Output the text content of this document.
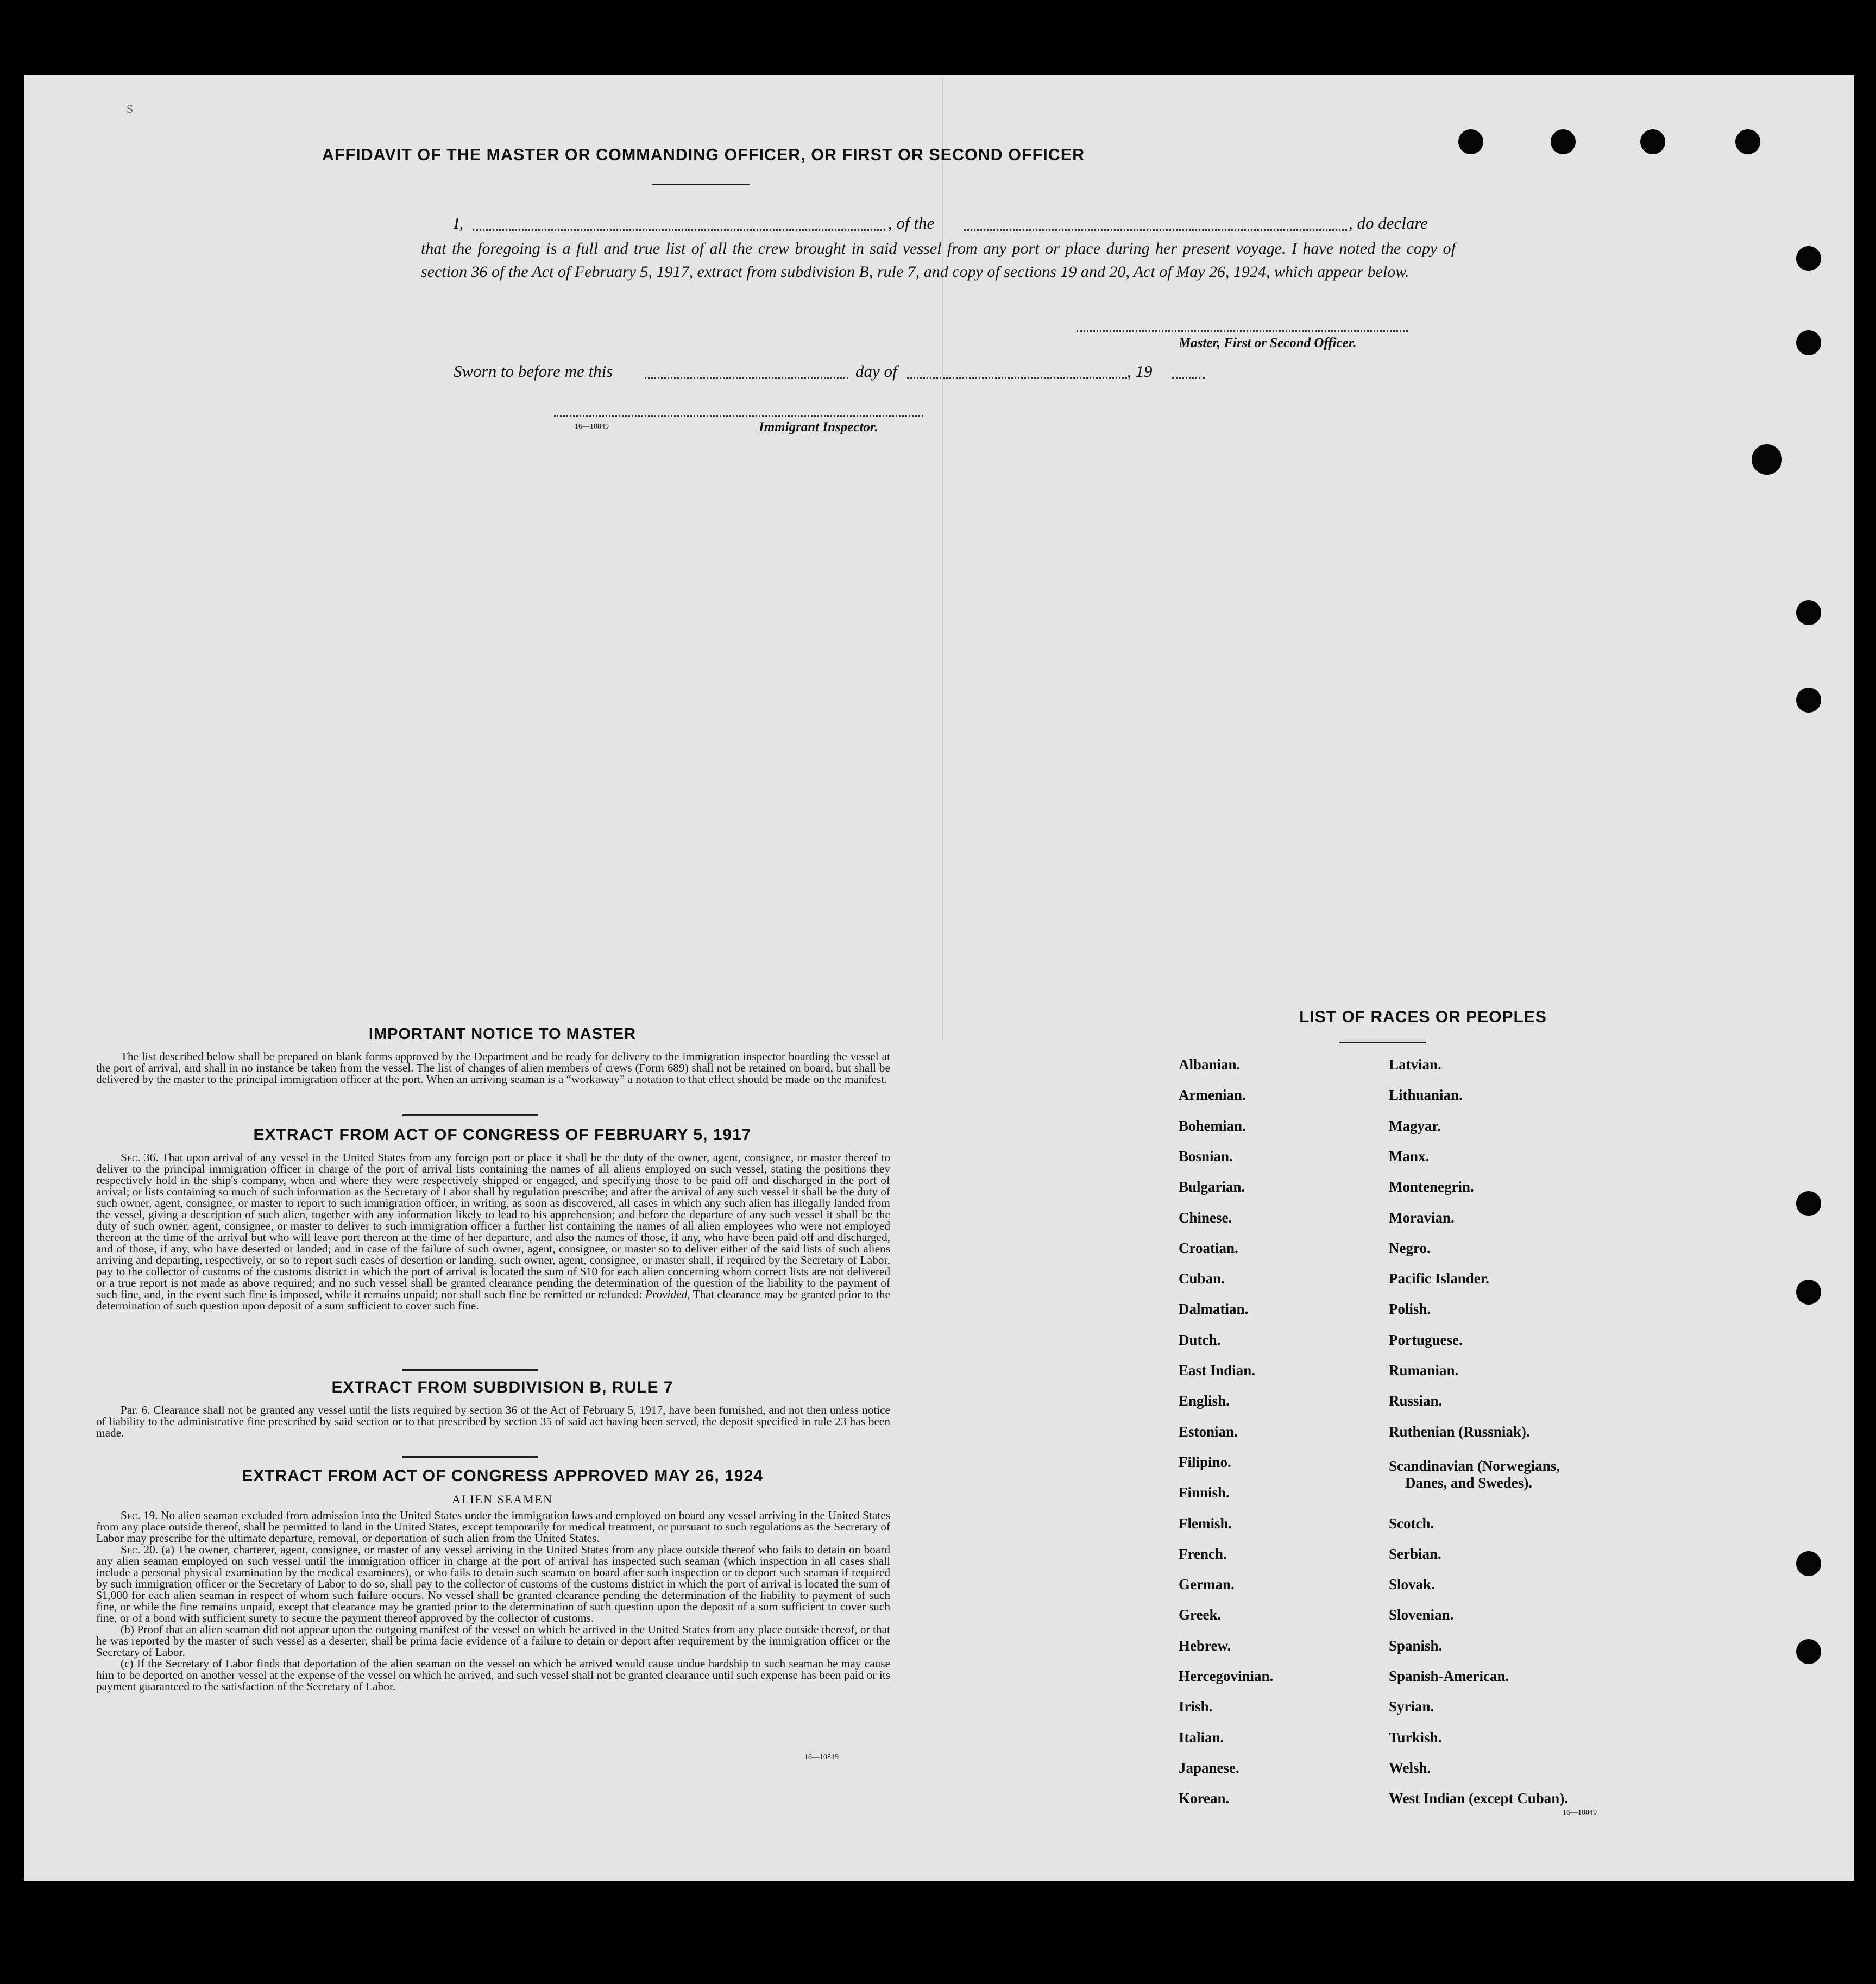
S
AFFIDAVIT OF THE MASTER OR COMMANDING OFFICER, OR FIRST OR SECOND OFFICER
I,	, of the	, do declare
that the foregoing is a full and true list of all the crew brought in said vessel from any port or place during her present voyage. I have noted the copy of section 36 of the Act of February 5, 1917, extract from subdivision B, rule 7, and copy of sections 19 and 20, Act of May 26, 1924, which appear below.
Master, First or Second Officer.
Sworn to before me this	day of	, 19
16—10849	Immigrant Inspector.
IMPORTANT NOTICE TO MASTER

The list described below shall be prepared on blank forms approved by the Department and be ready for delivery to the immigration inspector boarding the vessel at the port of arrival, and shall in no instance be taken from the vessel. The list of changes of alien members of crews (Form 689) shall not be retained on board, but shall be delivered by the master to the principal immigration officer at the port. When an arriving seaman is a “workaway” a notation to that effect should be made on the manifest.

EXTRACT FROM ACT OF CONGRESS OF FEBRUARY 5, 1917

Sec. 36. That upon arrival of any vessel in the United States from any foreign port or place it shall be the duty of the owner, agent, consignee, or master thereof to deliver to the principal immigration officer in charge of the port of arrival lists containing the names of all aliens employed on such vessel, stating the positions they respectively hold in the ship's company, when and where they were respectively shipped or engaged, and specifying those to be paid off and discharged in the port of arrival; or lists containing so much of such information as the Secretary of Labor shall by regulation prescribe; and after the arrival of any such vessel it shall be the duty of such owner, agent, consignee, or master to report to such immigration officer, in writing, as soon as discovered, all cases in which any such alien has illegally landed from the vessel, giving a description of such alien, together with any information likely to lead to his apprehension; and before the departure of any such vessel it shall be the duty of such owner, agent, consignee, or master to deliver to such immigration officer a further list containing the names of all alien employees who were not employed thereon at the time of the arrival but who will leave port thereon at the time of her departure, and also the names of those, if any, who have been paid off and discharged, and of those, if any, who have deserted or landed; and in case of the failure of such owner, agent, consignee, or master so to deliver either of the said lists of such aliens arriving and departing, respectively, or so to report such cases of desertion or landing, such owner, agent, consignee, or master shall, if required by the Secretary of Labor, pay to the collector of customs of the customs district in which the port of arrival is located the sum of $10 for each alien concerning whom correct lists are not delivered or a true report is not made as above required; and no such vessel shall be granted clearance pending the determination of the question of the liability to the payment of such fine, and, in the event such fine is imposed, while it remains unpaid; nor shall such fine be remitted or refunded: Provided, That clearance may be granted prior to the determination of such question upon deposit of a sum sufficient to cover such fine.

EXTRACT FROM SUBDIVISION B, RULE 7

Par. 6. Clearance shall not be granted any vessel until the lists required by section 36 of the Act of February 5, 1917, have been furnished, and not then unless notice of liability to the administrative fine prescribed by said section or to that prescribed by section 35 of said act having been served, the deposit specified in rule 23 has been made.

EXTRACT FROM ACT OF CONGRESS APPROVED MAY 26, 1924
ALIEN SEAMEN

Sec. 19. No alien seaman excluded from admission into the United States under the immigration laws and employed on board any vessel arriving in the United States from any place outside thereof, shall be permitted to land in the United States, except temporarily for medical treatment, or pursuant to such regulations as the Secretary of Labor may prescribe for the ultimate departure, removal, or deportation of such alien from the United States.

Sec. 20. (a) The owner, charterer, agent, consignee, or master of any vessel arriving in the United States from any place outside thereof who fails to detain on board any alien seaman employed on such vessel until the immigration officer in charge at the port of arrival has inspected such seaman (which inspection in all cases shall include a personal physical examination by the medical examiners), or who fails to detain such seaman on board after such inspection or to deport such seaman if required by such immigration officer or the Secretary of Labor to do so, shall pay to the collector of customs of the customs district in which the port of arrival is located the sum of $1,000 for each alien seaman in respect of whom such failure occurs. No vessel shall be granted clearance pending the determination of the liability to payment of such fine, or while the fine remains unpaid, except that clearance may be granted prior to the determination of such question upon the deposit of a sum sufficient to cover such fine, or of a bond with sufficient surety to secure the payment thereof approved by the collector of customs.

(b) Proof that an alien seaman did not appear upon the outgoing manifest of the vessel on which he arrived in the United States from any place outside thereof, or that he was reported by the master of such vessel as a deserter, shall be prima facie evidence of a failure to detain or deport after requirement by the immigration officer or the Secretary of Labor.

(c) If the Secretary of Labor finds that deportation of the alien seaman on the vessel on which he arrived would cause undue hardship to such seaman he may cause him to be deported on another vessel at the expense of the vessel on which he arrived, and such vessel shall not be granted clearance until such expense has been paid or its payment guaranteed to the satisfaction of the Secretary of Labor.

16—10849
LIST OF RACES OR PEOPLES
Albanian.
Armenian.
Bohemian.
Bosnian.
Bulgarian.
Chinese.
Croatian.
Cuban.
Dalmatian.
Dutch.
East Indian.
English.
Estonian.
Filipino.
Finnish.
Flemish.
French.
German.
Greek.
Hebrew.
Hercegovinian.
Irish.
Italian.
Japanese.
Korean.
Latvian.
Lithuanian.
Magyar.
Manx.
Montenegrin.
Moravian.
Negro.
Pacific Islander.
Polish.
Portuguese.
Rumanian.
Russian.
Ruthenian (Russniak).
Scandinavian (Norwegians,
Danes, and Swedes).
Scotch.
Serbian.
Slovak.
Slovenian.
Spanish.
Spanish-American.
Syrian.
Turkish.
Welsh.
West Indian (except Cuban).
16—10849
